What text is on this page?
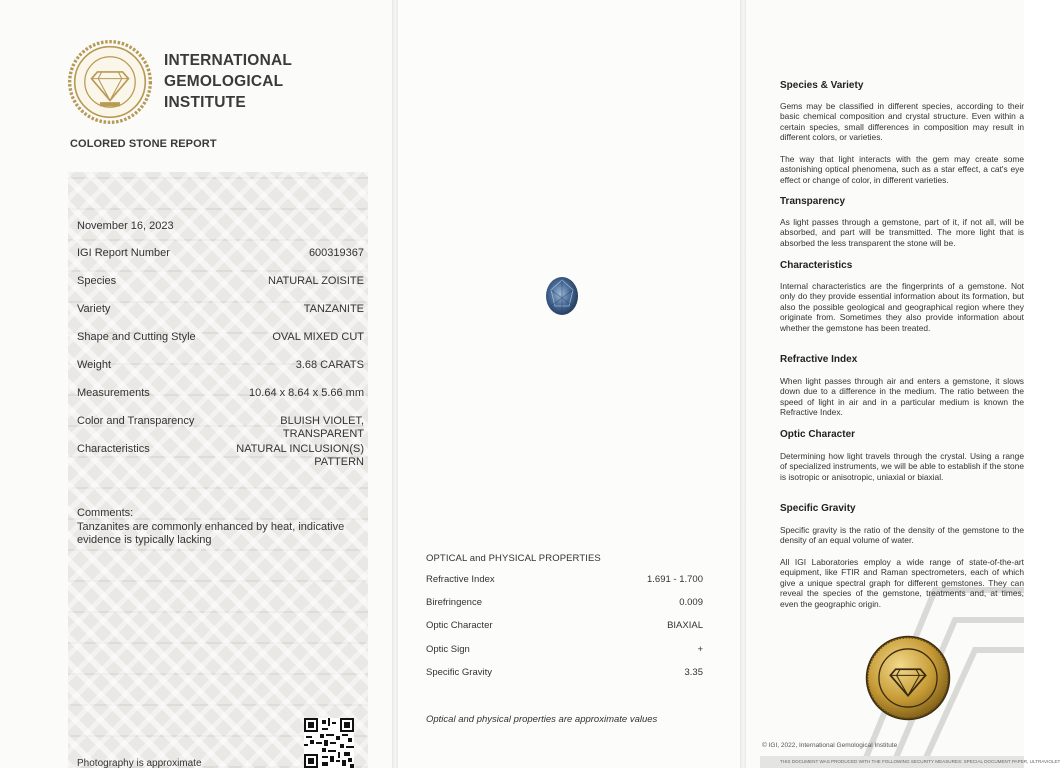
INTERNATIONAL
GEMOLOGICAL
INSTITUTE
COLORED STONE REPORT
November 16, 2023
IGI Report Number	600319367
Species	NATURAL ZOISITE
Variety	TANZANITE
Shape and Cutting Style	OVAL MIXED CUT
Weight	3.68 CARATS
Measurements	10.64 x 8.64 x 5.66 mm
Color and Transparency	BLUISH VIOLET,
TRANSPARENT
Characteristics	NATURAL INCLUSION(S)
PATTERN
Comments:
Tanzanites are commonly enhanced by heat, indicative evidence is typically lacking
Photography is approximate
OPTICAL and PHYSICAL PROPERTIES
Refractive Index	1.691 - 1.700
Birefringence	0.009
Optic Character	BIAXIAL
Optic Sign	+
Specific Gravity	3.35
Optical and physical properties are approximate values
Species & Variety
Gems may be classified in different species, according to their basic chemical composition and crystal structure. Even within a certain species, small differences in composition may result in different colors, or varieties.
The way that light interacts with the gem may create some astonishing optical phenomena, such as a star effect, a cat's eye effect or change of color, in different varieties.
Transparency
As light passes through a gemstone, part of it, if not all, will be absorbed, and part will be transmitted. The more light that is absorbed the less transparent the stone will be.
Characteristics
Internal characteristics are the fingerprints of a gemstone. Not only do they provide essential information about its formation, but also the possible geological and geographical region where they originate from. Sometimes they also provide information about whether the gemstone has been treated.
Refractive Index
When light passes through air and enters a gemstone, it slows down due to a difference in the medium. The ratio between the speed of light in air and in a particular medium is known the Refractive Index.
Optic Character
Determining how light travels through the crystal. Using a range of specialized instruments, we will be able to establish if the stone is isotropic or anisotropic, uniaxial or biaxial.
Specific Gravity
Specific gravity is the ratio of the density of the gemstone to the density of an equal volume of water.
All IGI Laboratories employ a wide range of state-of-the-art equipment, like FTIR and Raman spectrometers, each of which give a unique spectral graph for different gemstones. They can reveal the species of the gemstone, treatments and, at times, even the geographic origin.
© IGI, 2022, International Gemological Institute
THIS DOCUMENT WAS PRODUCED WITH THE FOLLOWING SECURITY MEASURES: SPECIAL DOCUMENT PAPER, ULTRAVIOLET
